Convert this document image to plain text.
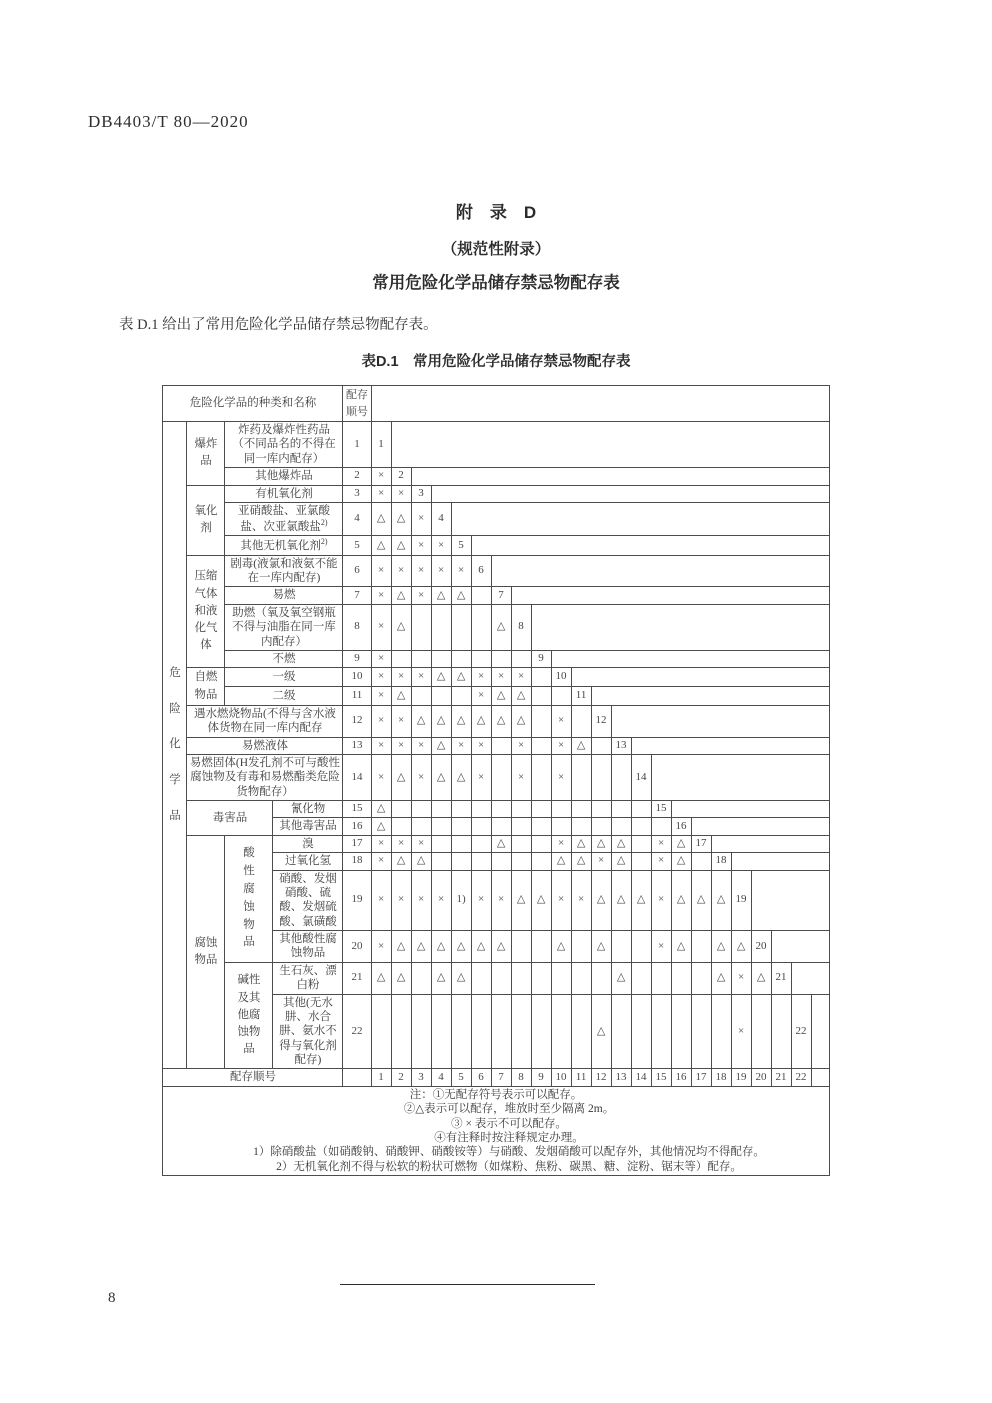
DB4403/T 80—2020
附　录　D
（规范性附录）
常用危险化学品储存禁忌物配存表

表 D.1 给出了常用危险化学品储存禁忌物配存表。

表D.1　常用危险化学品储存禁忌物配存表
危险化学品的种类和名称				配存顺号																							
危险化学品	爆炸品	炸药及爆炸性药品（不同品名的不得在同一库内配存）		1	1																						
		其他爆炸品		2	×	2																					
	氧化剂	有机氧化剂		3	×	×	3																				
		亚硝酸盐、亚氯酸盐、次亚氯酸盐$^{2)}$		4	△	△	×	4																			
		其他无机氧化剂$^{2)}$		5	△	△	×	×	5																		
	压缩气体和液化气体	剧毒(液氯和液氨不能在一库内配存)		6	×	×	×	×	×	6																	
		易燃		7	×	△	×	△	△		7																
		助燃（氧及氧空钢瓶不得与油脂在同一库内配存）		8	×	△					△	8															
		不燃		9	×								9														
	自燃物品	一级		10	×	×	×	△	△	×	×	×		10													
		二级		11	×	△				×	△	△			11												
	遇水燃烧物品(不得与含水液体货物在同一库内配存			12	×	×	△	△	△	△	△	△		×		12											
	易燃液体			13	×	×	×	△	×	×		×		×	△		13										
	易燃固体(H发孔剂不可与酸性腐蚀物及有毒和易燃酯类危险货物配存）			14	×	△	×	△	△	×		×		×				14									
	毒害品		氰化物	15	△														15								
			其他毒害品	16	△															16							
	腐蚀物品	酸性腐蚀物品	溴	17	×	×	×				△			×	△	△	△		×	△	17						
			过氧化氢	18	×	△	△							△	△	×	△		×	△		18					
			硝酸、发烟硝酸、硫酸、发烟硫酸、氯磺酸	19	×	×	×	×	1)	×	×	△	△	×	×	△	△	△	×	△	△	△	19				
			其他酸性腐蚀物品	20	×	△	△	△	△	△	△			△		△			×	△		△	△	20			
		碱性及其他腐蚀物品	生石灰、漂白粉	21	△	△		△	△								△					△	×	△	21		
			其他(无水肼、水合肼、氨水不得与氧化剂配存)	22												△							×			22	
配存顺号					1	2	3	4	5	6	7	8	9	10	11	12	13	14	15	16	17	18	19	20	21	22	

注：①无配存符号表示可以配存。
②△表示可以配存，堆放时至少隔离 2m。
③ × 表示不可以配存。
④有注释时按注释规定办理。
1）除硝酸盐（如硝酸钠、硝酸钾、硝酸铵等）与硝酸、发烟硝酸可以配存外，其他情况均不得配存。
2）无机氧化剂不得与松软的粉状可燃物（如煤粉、焦粉、碳黑、糖、淀粉、锯末等）配存。
8
